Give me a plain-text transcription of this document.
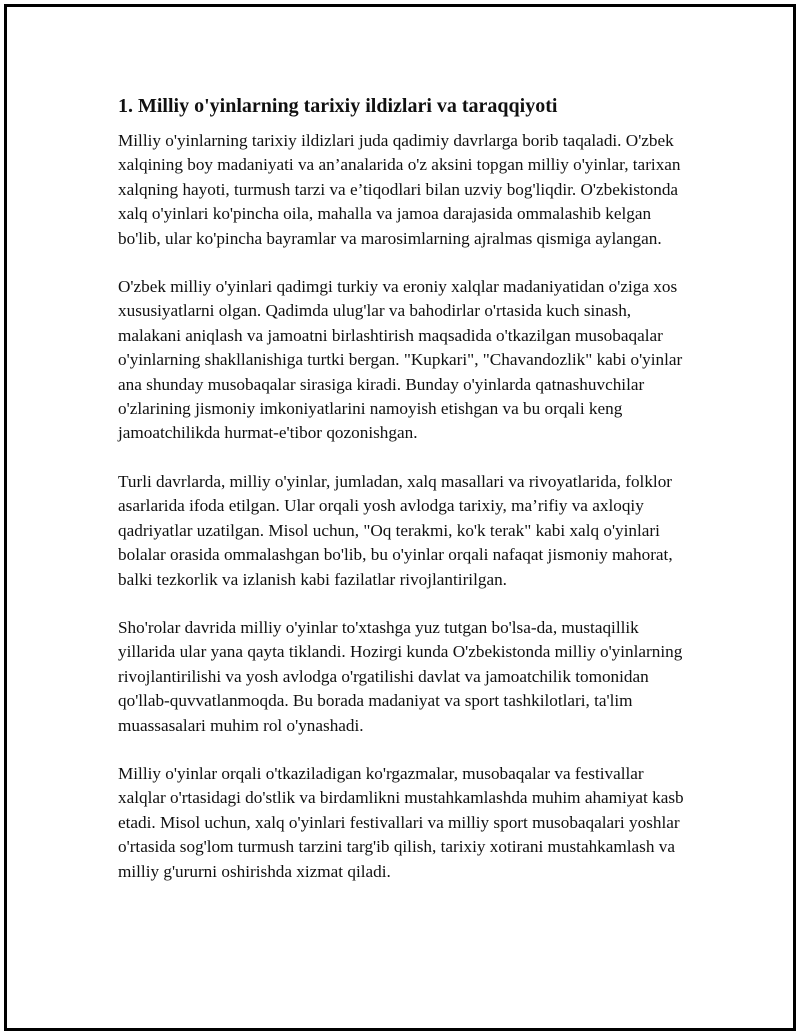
1. Milliy o'yinlarning tarixiy ildizlari va taraqqiyoti

Milliy o'yinlarning tarixiy ildizlari juda qadimiy davrlarga borib taqaladi. O'zbek xalqining boy madaniyati va an’analarida o'z aksini topgan milliy o'yinlar, tarixan xalqning hayoti, turmush tarzi va e’tiqodlari bilan uzviy bog'liqdir. O'zbekistonda xalq o'yinlari ko'pincha oila, mahalla va jamoa darajasida ommalashib kelgan bo'lib, ular ko'pincha bayramlar va marosimlarning ajralmas qismiga aylangan.

O'zbek milliy o'yinlari qadimgi turkiy va eroniy xalqlar madaniyatidan o'ziga xos xususiyatlarni olgan. Qadimda ulug'lar va bahodirlar o'rtasida kuch sinash, malakani aniqlash va jamoatni birlashtirish maqsadida o'tkazilgan musobaqalar o'yinlarning shakllanishiga turtki bergan. "Kupkari", "Chavandozlik" kabi o'yinlar ana shunday musobaqalar sirasiga kiradi. Bunday o'yinlarda qatnashuvchilar o'zlarining jismoniy imkoniyatlarini namoyish etishgan va bu orqali keng jamoatchilikda hurmat-e'tibor qozonishgan.

Turli davrlarda, milliy o'yinlar, jumladan, xalq masallari va rivoyatlarida, folklor asarlarida ifoda etilgan. Ular orqali yosh avlodga tarixiy, ma’rifiy va axloqiy qadriyatlar uzatilgan. Misol uchun, "Oq terakmi, ko'k terak" kabi xalq o'yinlari bolalar orasida ommalashgan bo'lib, bu o'yinlar orqali nafaqat jismoniy mahorat, balki tezkorlik va izlanish kabi fazilatlar rivojlantirilgan.

Sho'rolar davrida milliy o'yinlar to'xtashga yuz tutgan bo'lsa-da, mustaqillik yillarida ular yana qayta tiklandi. Hozirgi kunda O'zbekistonda milliy o'yinlarning rivojlantirilishi va yosh avlodga o'rgatilishi davlat va jamoatchilik tomonidan qo'llab-quvvatlanmoqda. Bu borada madaniyat va sport tashkilotlari, ta'lim muassasalari muhim rol o'ynashadi.

Milliy o'yinlar orqali o'tkaziladigan ko'rgazmalar, musobaqalar va festivallar xalqlar o'rtasidagi do'stlik va birdamlikni mustahkamlashda muhim ahamiyat kasb etadi. Misol uchun, xalq o'yinlari festivallari va milliy sport musobaqalari yoshlar o'rtasida sog'lom turmush tarzini targ'ib qilish, tarixiy xotirani mustahkamlash va milliy g'ururni oshirishda xizmat qiladi.
